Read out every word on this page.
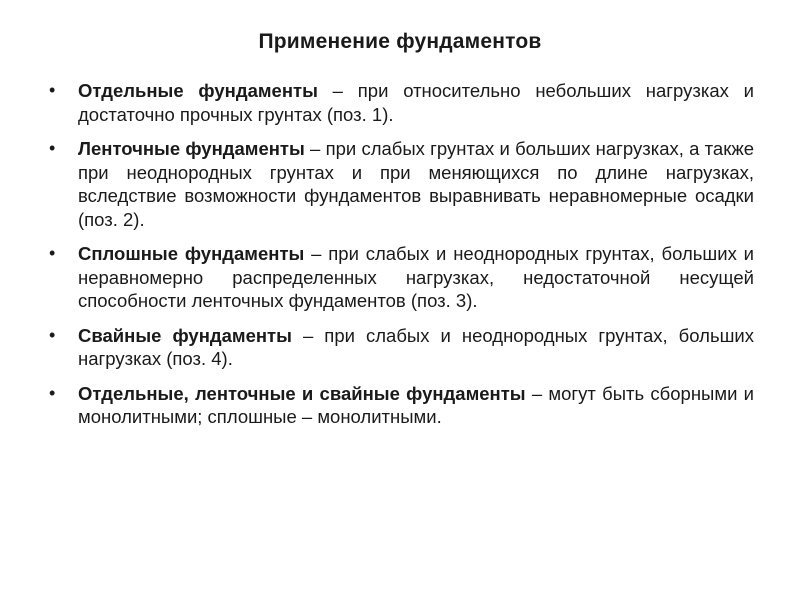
Применение фундаментов
• Отдельные фундаменты – при относительно небольших нагрузках и достаточно прочных грунтах (поз. 1).
• Ленточные фундаменты – при слабых грунтах и больших нагрузках, а также при неоднородных грунтах и при меняющихся по длине нагрузках, вследствие возможности фундаментов выравнивать неравномерные осадки (поз. 2).
• Сплошные фундаменты – при слабых и неоднородных грунтах, больших и неравномерно распределенных нагрузках, недостаточной несущей способности ленточных фундаментов (поз. 3).
• Свайные фундаменты – при слабых и неоднородных грунтах, больших нагрузках (поз. 4).
• Отдельные, ленточные и свайные фундаменты – могут быть сборными и монолитными; сплошные – монолитными.
